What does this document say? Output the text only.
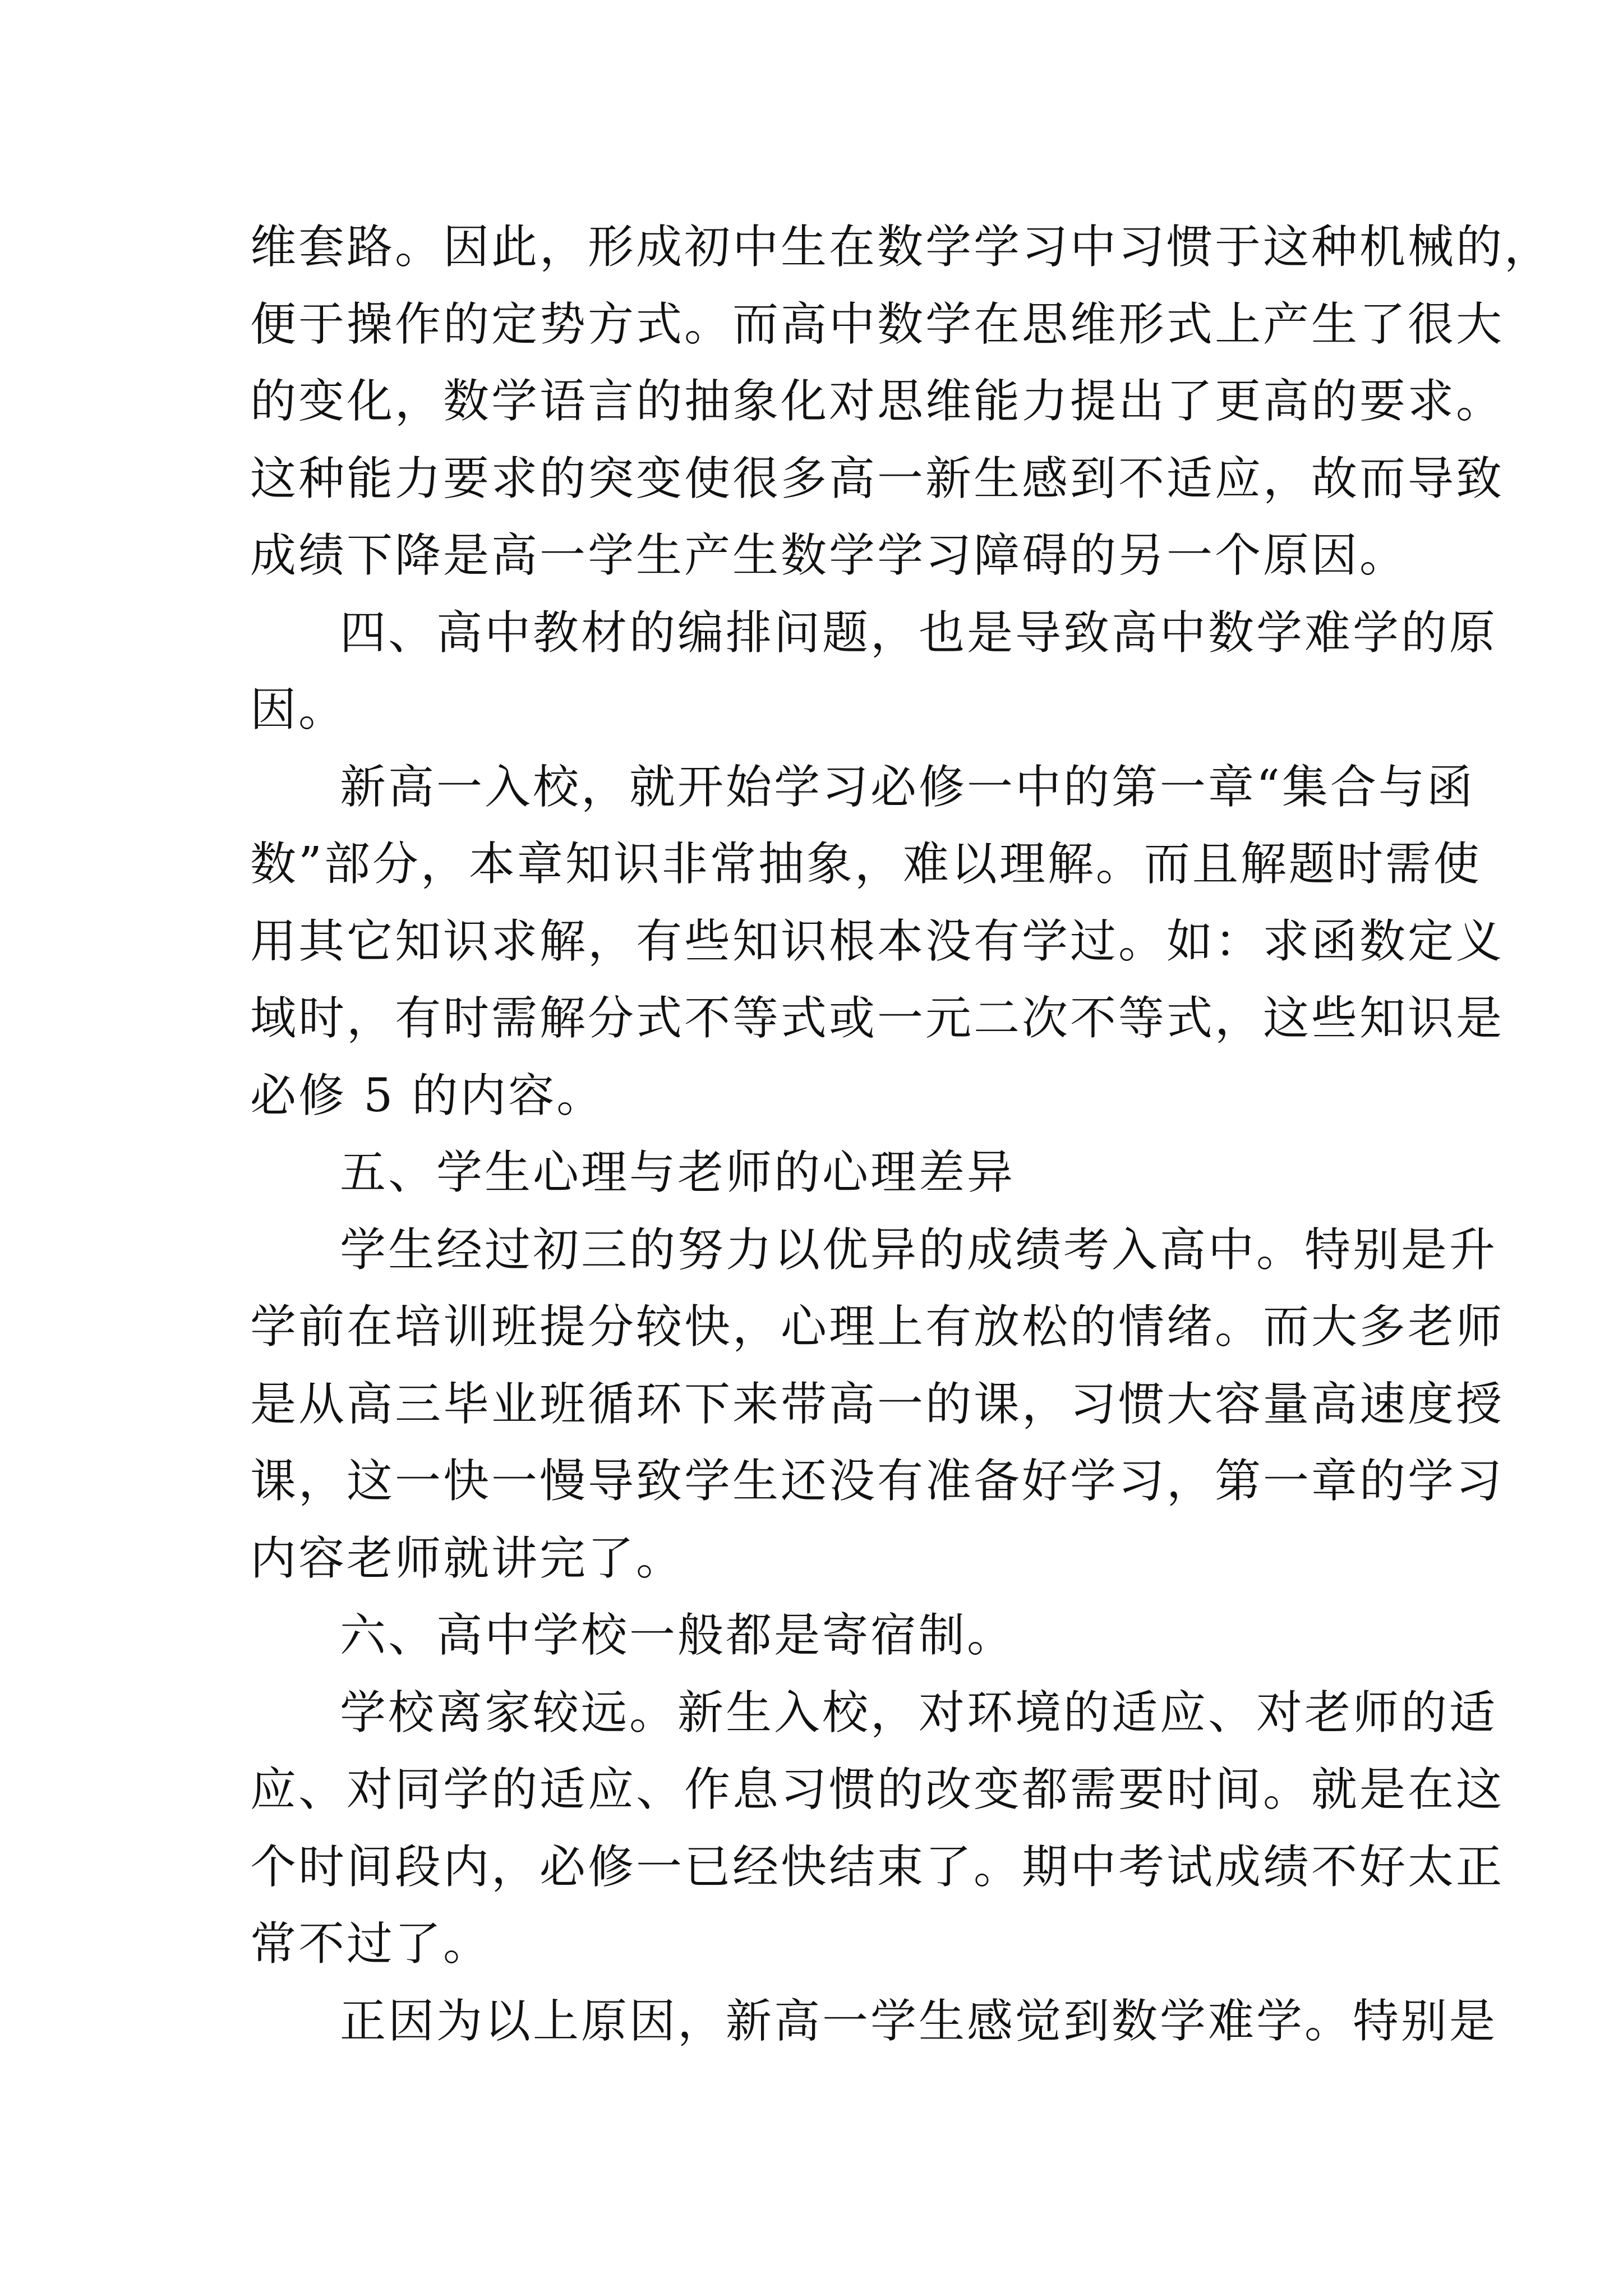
维套路。因此，形成初中生在数学学习中习惯于这种机械的，
便于操作的定势方式。而高中数学在思维形式上产生了很大
的变化，数学语言的抽象化对思维能力提出了更高的要求。
这种能力要求的突变使很多高一新生感到不适应，故而导致
成绩下降是高一学生产生数学学习障碍的另一个原因。
四、高中教材的编排问题，也是导致高中数学难学的原
因。
新高一入校，就开始学习必修一中的第一章“集合与函
数”部分，本章知识非常抽象，难以理解。而且解题时需使
用其它知识求解，有些知识根本没有学过。如：求函数定义
域时，有时需解分式不等式或一元二次不等式，这些知识是
必修 5 的内容。
五、学生心理与老师的心理差异
学生经过初三的努力以优异的成绩考入高中。特别是升
学前在培训班提分较快，心理上有放松的情绪。而大多老师
是从高三毕业班循环下来带高一的课，习惯大容量高速度授
课，这一快一慢导致学生还没有准备好学习，第一章的学习
内容老师就讲完了。
六、高中学校一般都是寄宿制。
学校离家较远。新生入校，对环境的适应、对老师的适
应、对同学的适应、作息习惯的改变都需要时间。就是在这
个时间段内，必修一已经快结束了。期中考试成绩不好太正
常不过了。
正因为以上原因，新高一学生感觉到数学难学。特别是
